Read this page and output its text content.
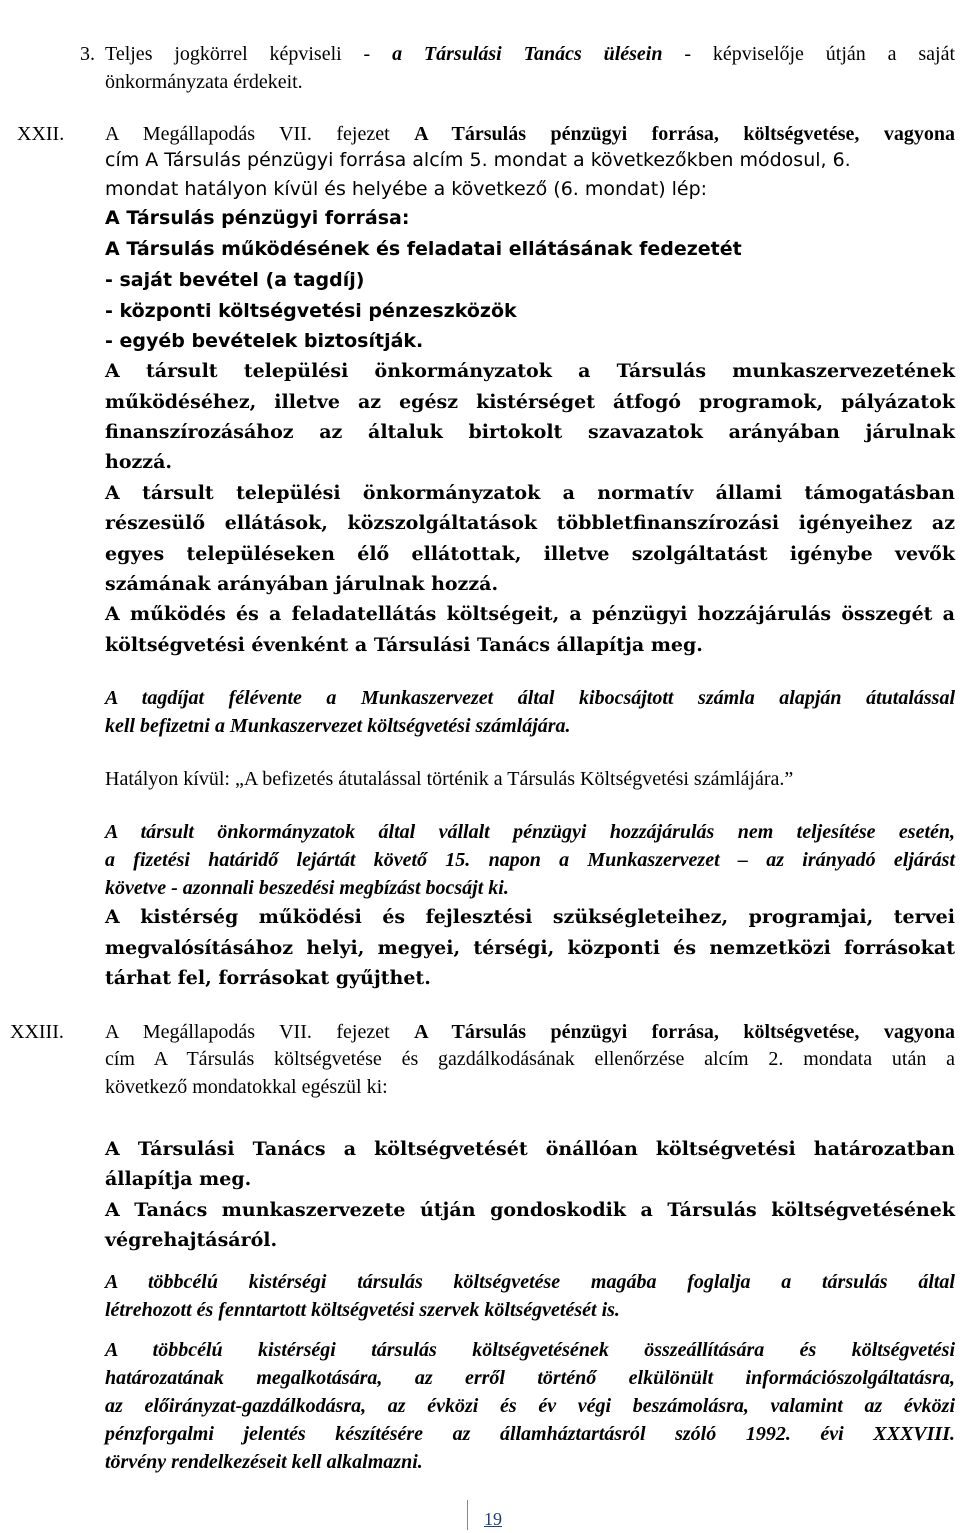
3. Teljes jogkörrel képviseli - a Társulási Tanács ülésein - képviselője útján a saját
önkormányzata érdekeit.
XXII. A Megállapodás VII. fejezet A Társulás pénzügyi forrása, költségvetése, vagyona
cím A Társulás pénzügyi forrása alcím 5. mondat a következőkben módosul, 6.
mondat hatályon kívül és helyébe a következő (6. mondat) lép:
A Társulás pénzügyi forrása:
A Társulás működésének és feladatai ellátásának fedezetét
- saját bevétel (a tagdíj)
- központi költségvetési pénzeszközök
- egyéb bevételek biztosítják.
A társult települési önkormányzatok a Társulás munkaszervezetének
működéséhez, illetve az egész kistérséget átfogó programok, pályázatok
finanszírozásához az általuk birtokolt szavazatok arányában járulnak
hozzá.
A társult települési önkormányzatok a normatív állami támogatásban
részesülő ellátások, közszolgáltatások többletfinanszírozási igényeihez az
egyes településeken élő ellátottak, illetve szolgáltatást igénybe vevők
számának arányában járulnak hozzá.
A működés és a feladatellátás költségeit, a pénzügyi hozzájárulás összegét a
költségvetési évenként a Társulási Tanács állapítja meg.
A tagdíjat félévente a Munkaszervezet által kibocsájtott számla alapján átutalással
kell befizetni a Munkaszervezet költségvetési számlájára.
Hatályon kívül: „A befizetés átutalással történik a Társulás Költségvetési számlájára.”
A társult önkormányzatok által vállalt pénzügyi hozzájárulás nem teljesítése esetén,
a fizetési határidő lejártát követő 15. napon a Munkaszervezet – az irányadó eljárást
követve - azonnali beszedési megbízást bocsájt ki.
A kistérség működési és fejlesztési szükségleteihez, programjai, tervei
megvalósításához helyi, megyei, térségi, központi és nemzetközi forrásokat
tárhat fel, forrásokat gyűjthet.
XXIII. A Megállapodás VII. fejezet A Társulás pénzügyi forrása, költségvetése, vagyona
cím A Társulás költségvetése és gazdálkodásának ellenőrzése alcím 2. mondata után a
következő mondatokkal egészül ki:
A Társulási Tanács a költségvetését önállóan költségvetési határozatban
állapítja meg.
A Tanács munkaszervezete útján gondoskodik a Társulás költségvetésének
végrehajtásáról.
A többcélú kistérségi társulás költségvetése magába foglalja a társulás által
létrehozott és fenntartott költségvetési szervek költségvetését is.
A többcélú kistérségi társulás költségvetésének összeállítására és költségvetési
határozatának megalkotására, az erről történő elkülönült információszolgáltatásra,
az előirányzat-gazdálkodásra, az évközi és év végi beszámolásra, valamint az évközi
pénzforgalmi jelentés készítésére az államháztartásról szóló 1992. évi XXXVIII.
törvény rendelkezéseit kell alkalmazni.
19
